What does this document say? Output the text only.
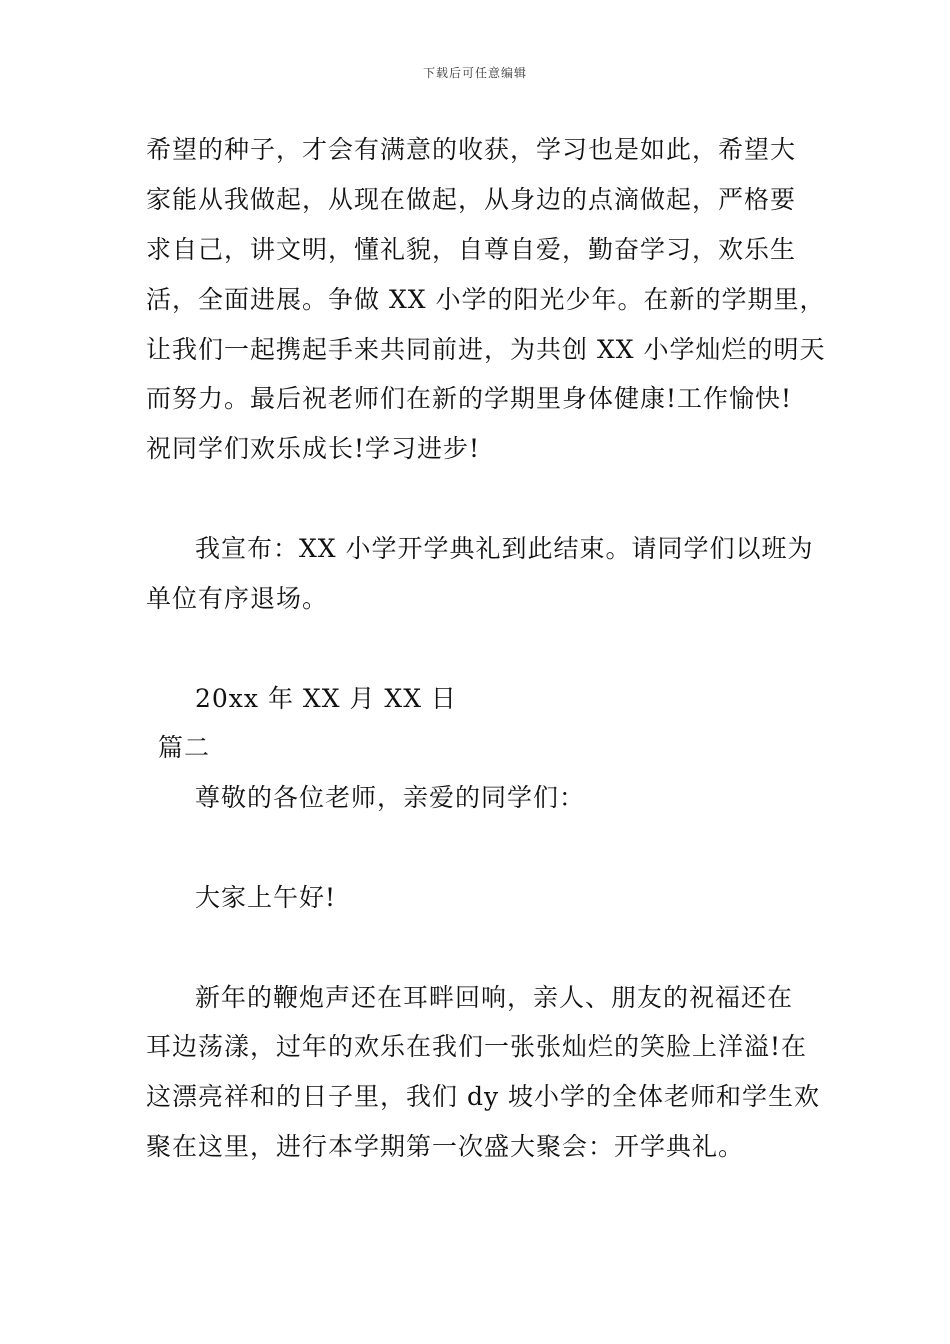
下载后可任意编辑
希望的种子，才会有满意的收获，学习也是如此，希望大
家能从我做起，从现在做起，从身边的点滴做起，严格要
求自己，讲文明，懂礼貌，自尊自爱，勤奋学习，欢乐生
活，全面进展。争做 XX 小学的阳光少年。在新的学期里，
让我们一起携起手来共同前进，为共创 XX 小学灿烂的明天
而努力。最后祝老师们在新的学期里身体健康!工作愉快!
祝同学们欢乐成长!学习进步!
我宣布：XX 小学开学典礼到此结束。请同学们以班为
单位有序退场。
20xx 年 XX 月 XX 日
篇二
尊敬的各位老师，亲爱的同学们：
大家上午好!
新年的鞭炮声还在耳畔回响，亲人、朋友的祝福还在
耳边荡漾，过年的欢乐在我们一张张灿烂的笑脸上洋溢!在
这漂亮祥和的日子里，我们 dy 坡小学的全体老师和学生欢
聚在这里，进行本学期第一次盛大聚会：开学典礼。
